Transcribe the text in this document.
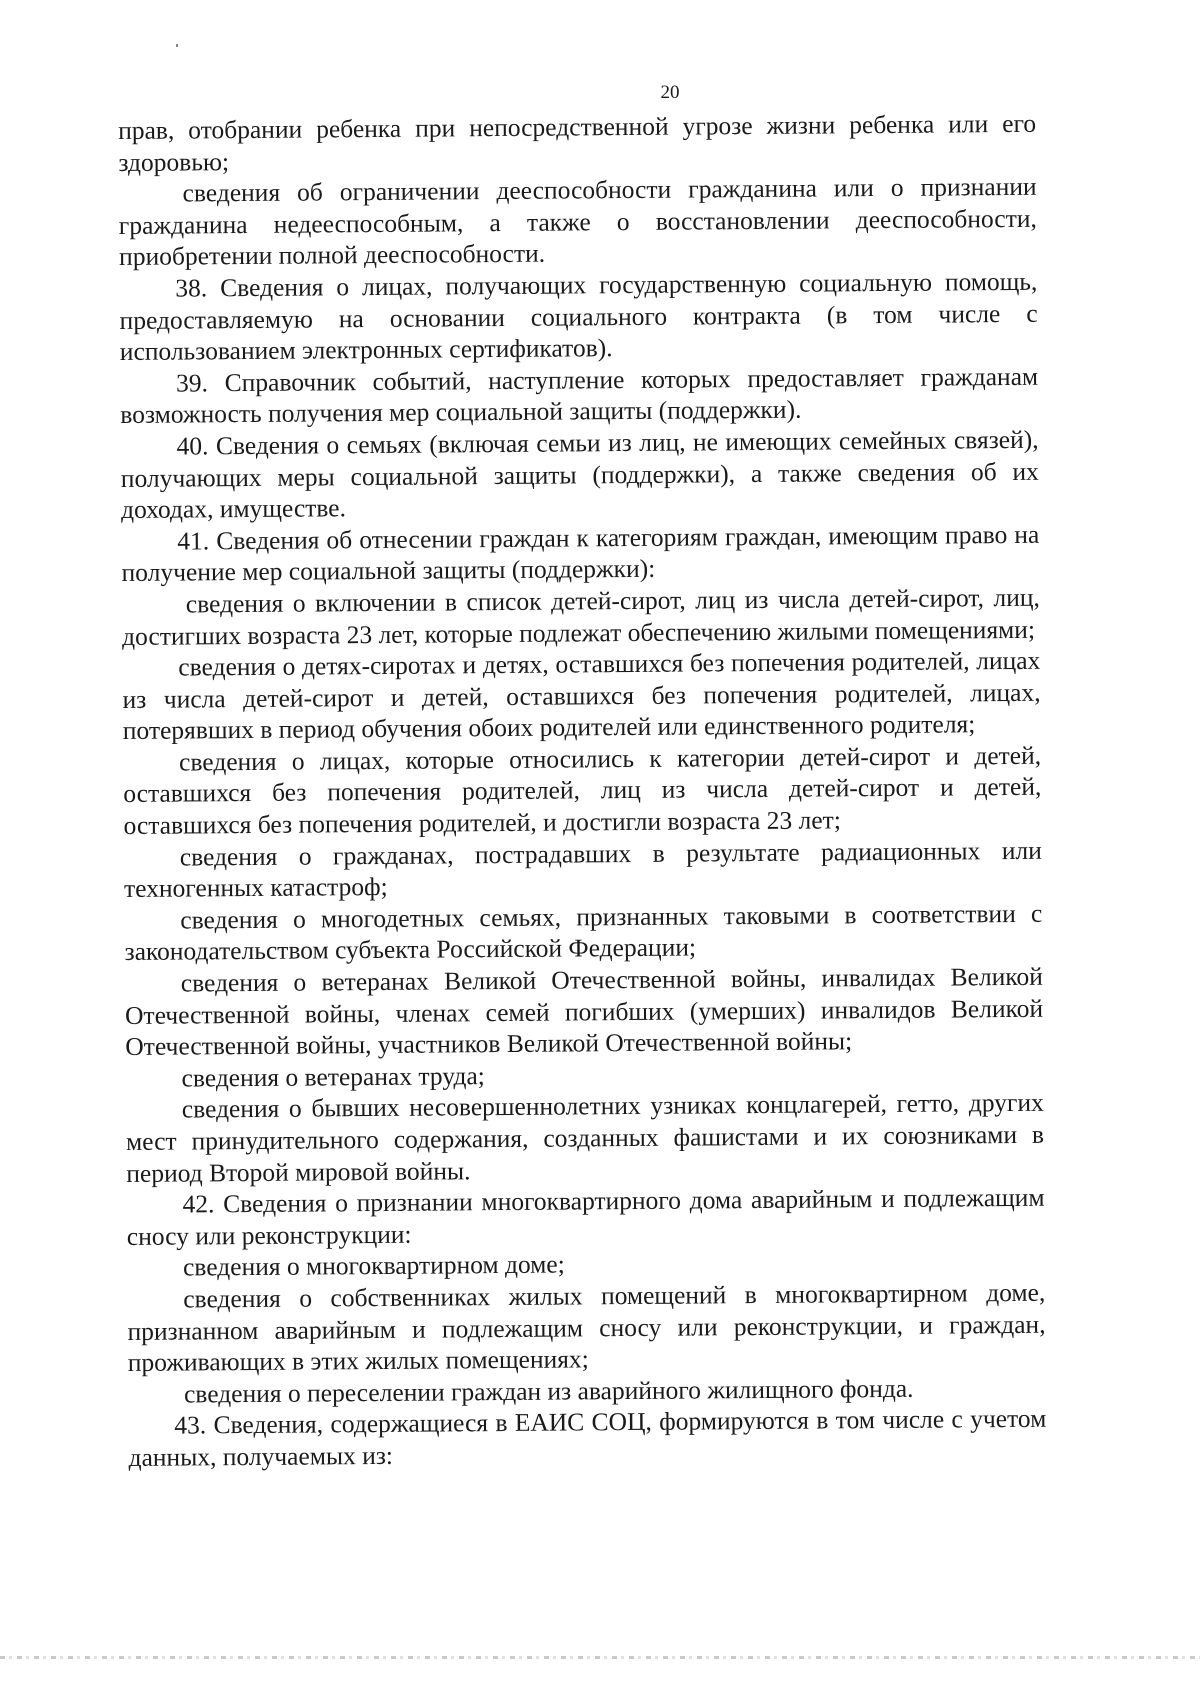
20

прав, отобрании ребенка при непосредственной угрозе жизни ребенка или его здоровью;

сведения об ограничении дееспособности гражданина или о признании гражданина недееспособным, а также о восстановлении дееспособности, приобретении полной дееспособности.

38. Сведения о лицах, получающих государственную социальную помощь, предоставляемую на основании социального контракта (в том числе с использованием электронных сертификатов).

39. Справочник событий, наступление которых предоставляет гражданам возможность получения мер социальной защиты (поддержки).

40. Сведения о семьях (включая семьи из лиц, не имеющих семейных связей), получающих меры социальной защиты (поддержки), а также сведения об их доходах, имуществе.

41. Сведения об отнесении граждан к категориям граждан, имеющим право на получение мер социальной защиты (поддержки):

сведения о включении в список детей-сирот, лиц из числа детей-сирот, лиц, достигших возраста 23 лет, которые подлежат обеспечению жилыми помещениями;

сведения о детях-сиротах и детях, оставшихся без попечения родителей, лицах из числа детей-сирот и детей, оставшихся без попечения родителей, лицах, потерявших в период обучения обоих родителей или единственного родителя;

сведения о лицах, которые относились к категории детей-сирот и детей, оставшихся без попечения родителей, лиц из числа детей-сирот и детей, оставшихся без попечения родителей, и достигли возраста 23 лет;

сведения о гражданах, пострадавших в результате радиационных или техногенных катастроф;

сведения о многодетных семьях, признанных таковыми в соответствии с законодательством субъекта Российской Федерации;

сведения о ветеранах Великой Отечественной войны, инвалидах Великой Отечественной войны, членах семей погибших (умерших) инвалидов Великой Отечественной войны, участников Великой Отечественной войны;

сведения о ветеранах труда;

сведения о бывших несовершеннолетних узниках концлагерей, гетто, других мест принудительного содержания, созданных фашистами и их союзниками в период Второй мировой войны.

42. Сведения о признании многоквартирного дома аварийным и подлежащим сносу или реконструкции:

сведения о многоквартирном доме;

сведения о собственниках жилых помещений в многоквартирном доме, признанном аварийным и подлежащим сносу или реконструкции, и граждан, проживающих в этих жилых помещениях;

сведения о переселении граждан из аварийного жилищного фонда.

43. Сведения, содержащиеся в ЕАИС СОЦ, формируются в том числе с учетом данных, получаемых из:
